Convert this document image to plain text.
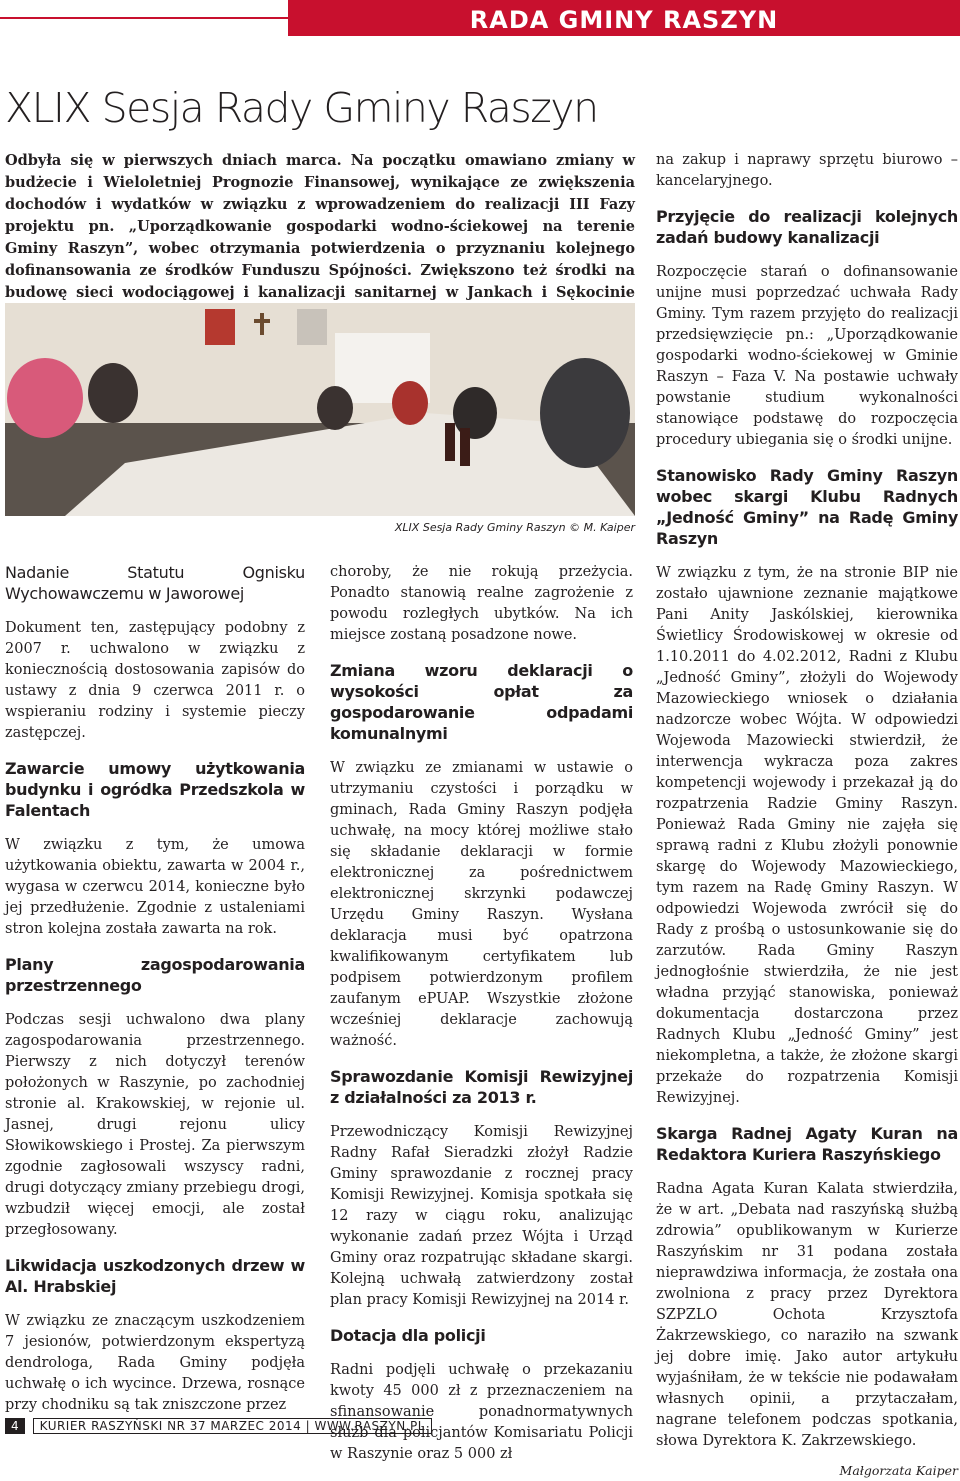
RADA GMINY RASZYN
XLIX Sesja Rady Gminy Raszyn

Odbyła się w pierwszych dniach marca. Na początku omawiano zmiany w budżecie i Wieloletniej Prognozie Finansowej, wynikające ze zwiększenia dochodów i wydatków w związku z wprowadzeniem do realizacji III Fazy projektu pn. „Uporządkowanie gospodarki wodno-ściekowej na terenie Gminy Raszyn”, wobec otrzymania potwierdzenia o przyznaniu kolejnego dofinansowania ze środków Funduszu Spójności. Zwiększono też środki na budowę sieci wodociągowej i kanalizacji sanitarnej w Jankach i Sękocinie

XLIX Sesja Rady Gminy Raszyn © M. Kaiper
Nadanie Statutu Ognisku Wychowawczemu w Jaworowej

Dokument ten, zastępujący podobny z 2007 r. uchwalono w związku z koniecznością dostosowania zapisów do ustawy z dnia 9 czerwca 2011 r. o wspieraniu rodziny i systemie pieczy zastępczej.

Zawarcie umowy użytkowania budynku i ogródka Przedszkola w Falentach

W związku z tym, że umowa użytkowania obiektu, zawarta w 2004 r., wygasa w czerwcu 2014, konieczne było jej przedłużenie. Zgodnie z ustaleniami stron kolejna została zawarta na rok.

Plany zagospodarowania przestrzennego

Podczas sesji uchwalono dwa plany zagospodarowania przestrzennego. Pierwszy z nich dotyczył terenów położonych w Raszynie, po zachodniej stronie al. Krakowskiej, w rejonie ul. Jasnej, drugi rejonu ulicy Słowikowskiego i Prostej. Za pierwszym zgodnie zagłosowali wszyscy radni, drugi dotyczący zmiany przebiegu drogi, wzbudził więcej emocji, ale został przegłosowany.

Likwidacja uszkodzonych drzew w Al. Hrabskiej

W związku ze znaczącym uszkodzeniem 7 jesionów, potwierdzonym ekspertyzą dendrologa, Rada Gminy podjęła uchwałę o ich wycince. Drzewa, rosnące przy chodniku są tak zniszczone przez

choroby, że nie rokują przeżycia. Ponadto stanowią realne zagrożenie z powodu rozległych ubytków. Na ich miejsce zostaną posadzone nowe.

Zmiana wzoru deklaracji o wysokości opłat za gospodarowanie odpadami komunalnymi

W związku ze zmianami w ustawie o utrzymaniu czystości i porządku w gminach, Rada Gminy Raszyn podjęła uchwałę, na mocy której możliwe stało się składanie deklaracji w formie elektronicznej za pośrednictwem elektronicznej skrzynki podawczej Urzędu Gminy Raszyn. Wysłana deklaracja musi być opatrzona kwalifikowanym certyfikatem lub podpisem potwierdzonym profilem zaufanym ePUAP. Wszystkie złożone wcześniej deklaracje zachowują ważność.

Sprawozdanie Komisji Rewizyjnej z działalności za 2013 r.

Przewodniczący Komisji Rewizyjnej Radny Rafał Sieradzki złożył Radzie Gminy sprawozdanie z rocznej pracy Komisji Rewizyjnej. Komisja spotkała się 12 razy w ciągu roku, analizując wykonanie zadań przez Wójta i Urząd Gminy oraz rozpatrując składane skargi. Kolejną uchwałą zatwierdzony został plan pracy Komisji Rewizyjnej na 2014 r.

Dotacja dla policji

Radni podjęli uchwałę o przekazaniu kwoty 45 000 zł z przeznaczeniem na sfinansowanie ponadnormatywnych służb dla policjantów Komisariatu Policji w Raszynie oraz 5 000 zł

na zakup i naprawy sprzętu biurowo – kancelaryjnego.

Przyjęcie do realizacji kolejnych zadań budowy kanalizacji

Rozpoczęcie starań o dofinansowanie unijne musi poprzedzać uchwała Rady Gminy. Tym razem przyjęto do realizacji przedsięwzięcie pn.: „Uporządkowanie gospodarki wodno-ściekowej w Gminie Raszyn – Faza V. Na postawie uchwały powstanie studium wykonalności stanowiące podstawę do rozpoczęcia procedury ubiegania się o środki unijne.

Stanowisko Rady Gminy Raszyn wobec skargi Klubu Radnych „Jedność Gminy” na Radę Gminy Raszyn

W związku z tym, że na stronie BIP nie zostało ujawnione zeznanie majątkowe Pani Anity Jaskólskiej, kierownika Świetlicy Środowiskowej w okresie od 1.10.2011 do 4.02.2012, Radni z Klubu „Jedność Gminy”, złożyli do Wojewody Mazowieckiego wniosek o działania nadzorcze wobec Wójta. W odpowiedzi Wojewoda Mazowiecki stwierdził, że interwencja wykracza poza zakres kompetencji wojewody i przekazał ją do rozpatrzenia Radzie Gminy Raszyn. Ponieważ Rada Gminy nie zajęła się sprawą radni z Klubu złożyli ponownie skargę do Wojewody Mazowieckiego, tym razem na Radę Gminy Raszyn. W odpowiedzi Wojewoda zwrócił się do Rady z prośbą o ustosunkowanie się do zarzutów. Rada Gminy Raszyn jednogłośnie stwierdziła, że nie jest władna przyjąć stanowiska, ponieważ dokumentacja dostarczona przez Radnych Klubu „Jedność Gminy” jest niekompletna, a także, że złożone skargi przekaże do rozpatrzenia Komisji Rewizyjnej.

Skarga Radnej Agaty Kuran na Redaktora Kuriera Raszyńskiego

Radna Agata Kuran Kalata stwierdziła, że w art. „Debata nad raszyńską służbą zdrowia” opublikowanym w Kurierze Raszyńskim nr 31 podana została nieprawdziwa informacja, że została ona zwolniona z pracy przez Dyrektora SZPZLO Ochota Krzysztofa Żakrzewskiego, co naraziło na szwank jej dobre imię. Jako autor artykułu wyjaśniłam, że w tekście nie podawałam własnych opinii, a przytaczałam, nagrane telefonem podczas spotkania, słowa Dyrektora K. Zakrzewskiego.

Małgorzata Kaiper
4	KURIER RASZYŃSKI NR 37 MARZEC 2014 | WWW.RASZYN.PL
